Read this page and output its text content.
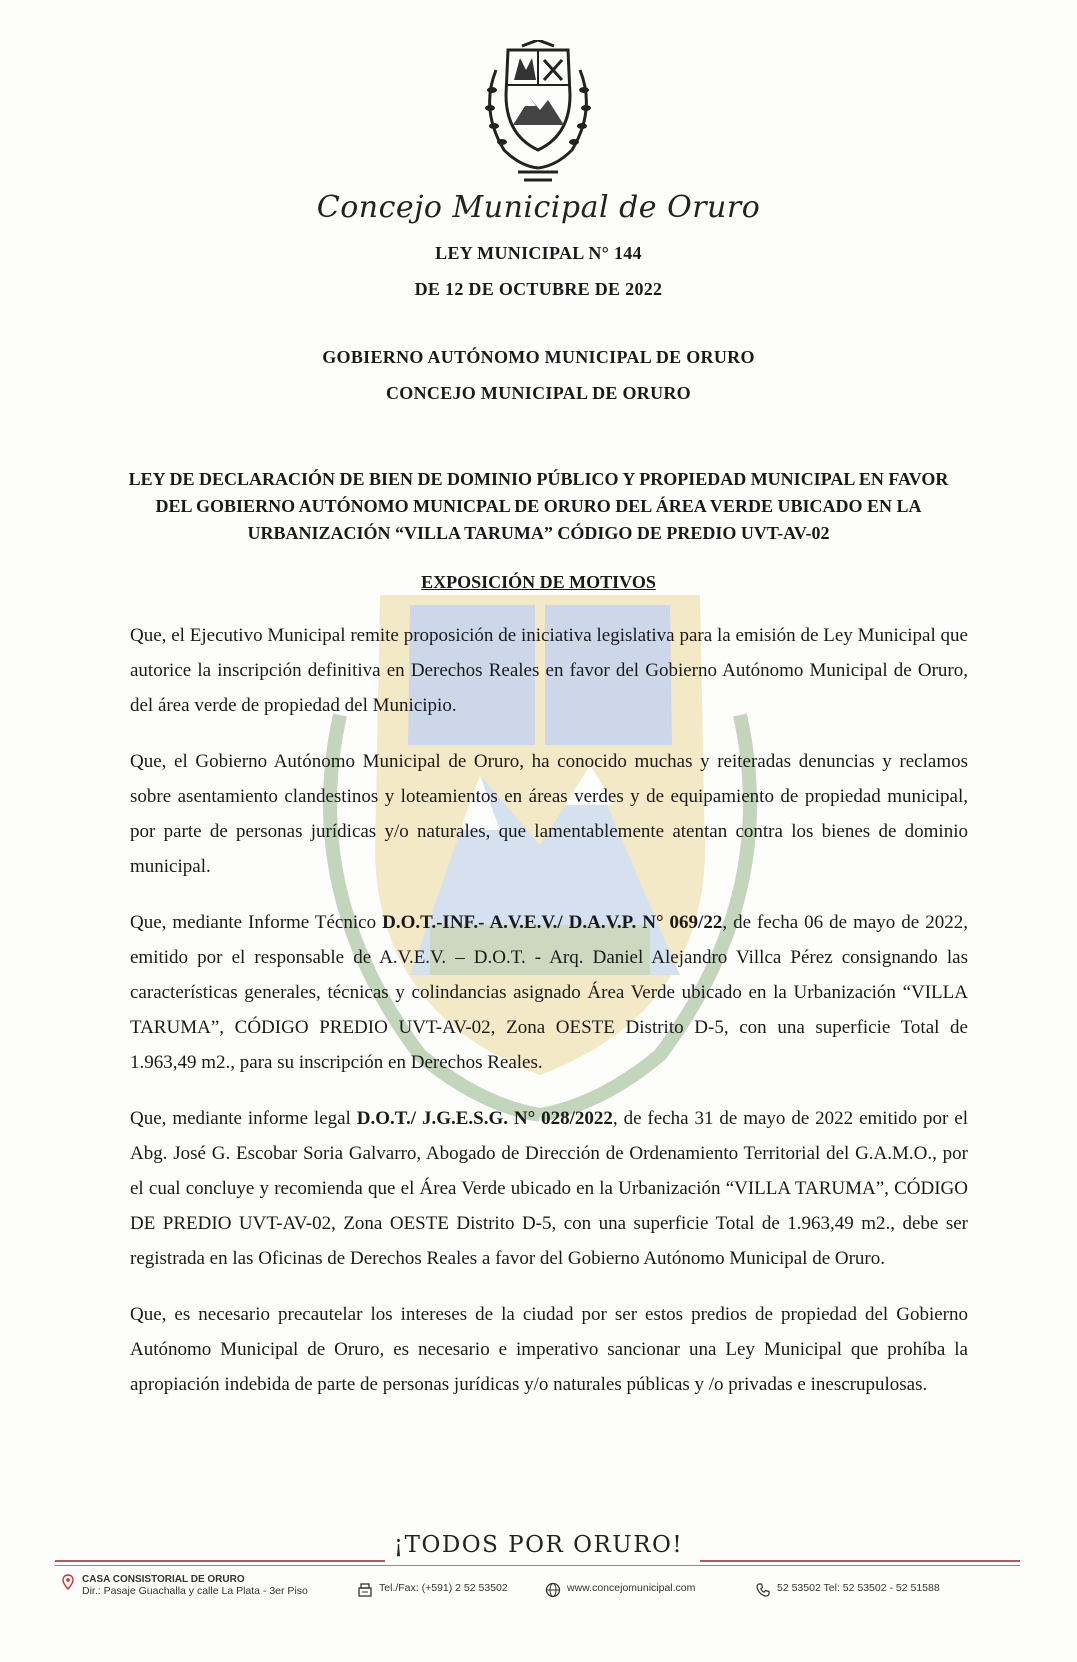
Concejo Municipal de Oruro
LEY MUNICIPAL N° 144
DE 12 DE OCTUBRE DE 2022
GOBIERNO AUTÓNOMO MUNICIPAL DE ORURO
CONCEJO MUNICIPAL DE ORURO
LEY DE DECLARACIÓN DE BIEN DE DOMINIO PÚBLICO Y PROPIEDAD MUNICIPAL EN FAVOR DEL GOBIERNO AUTÓNOMO MUNICPAL DE ORURO DEL ÁREA VERDE UBICADO EN LA URBANIZACIÓN “VILLA TARUMA” CÓDIGO DE PREDIO UVT-AV-02
EXPOSICIÓN DE MOTIVOS

Que, el Ejecutivo Municipal remite proposición de iniciativa legislativa para la emisión de Ley Municipal que autorice la inscripción definitiva en Derechos Reales en favor del Gobierno Autónomo Municipal de Oruro, del área verde de propiedad del Municipio.

Que, el Gobierno Autónomo Municipal de Oruro, ha conocido muchas y reiteradas denuncias y reclamos sobre asentamiento clandestinos y loteamientos en áreas verdes y de equipamiento de propiedad municipal, por parte de personas jurídicas y/o naturales, que lamentablemente atentan contra los bienes de dominio municipal.

Que, mediante Informe Técnico D.O.T.-INF.- A.V.E.V./ D.A.V.P. N° 069/22, de fecha 06 de mayo de 2022, emitido por el responsable de A.V.E.V. – D.O.T. - Arq. Daniel Alejandro Villca Pérez consignando las características generales, técnicas y colindancias asignado Área Verde ubicado en la Urbanización “VILLA TARUMA”, CÓDIGO PREDIO UVT-AV-02, Zona OESTE Distrito D-5, con una superficie Total de 1.963,49 m2., para su inscripción en Derechos Reales.

Que, mediante informe legal D.O.T./ J.G.E.S.G. N° 028/2022, de fecha 31 de mayo de 2022 emitido por el Abg. José G. Escobar Soria Galvarro, Abogado de Dirección de Ordenamiento Territorial del G.A.M.O., por el cual concluye y recomienda que el Área Verde ubicado en la Urbanización “VILLA TARUMA”, CÓDIGO DE PREDIO UVT-AV-02, Zona OESTE Distrito D-5, con una superficie Total de 1.963,49 m2., debe ser registrada en las Oficinas de Derechos Reales a favor del Gobierno Autónomo Municipal de Oruro.

Que, es necesario precautelar los intereses de la ciudad por ser estos predios de propiedad del Gobierno Autónomo Municipal de Oruro, es necesario e imperativo sancionar una Ley Municipal que prohíba la apropiación indebida de parte de personas jurídicas y/o naturales públicas y /o privadas e inescrupulosas.

¡TODOS POR ORURO!
CASA CONSISTORIAL DE ORURO
Dir.: Pasaje Guachalla y calle La Plata - 3er Piso	Tel./Fax: (+591) 2 52 53502	www.concejomunicipal.com	52 53502 Tel: 52 53502 - 52 51588
